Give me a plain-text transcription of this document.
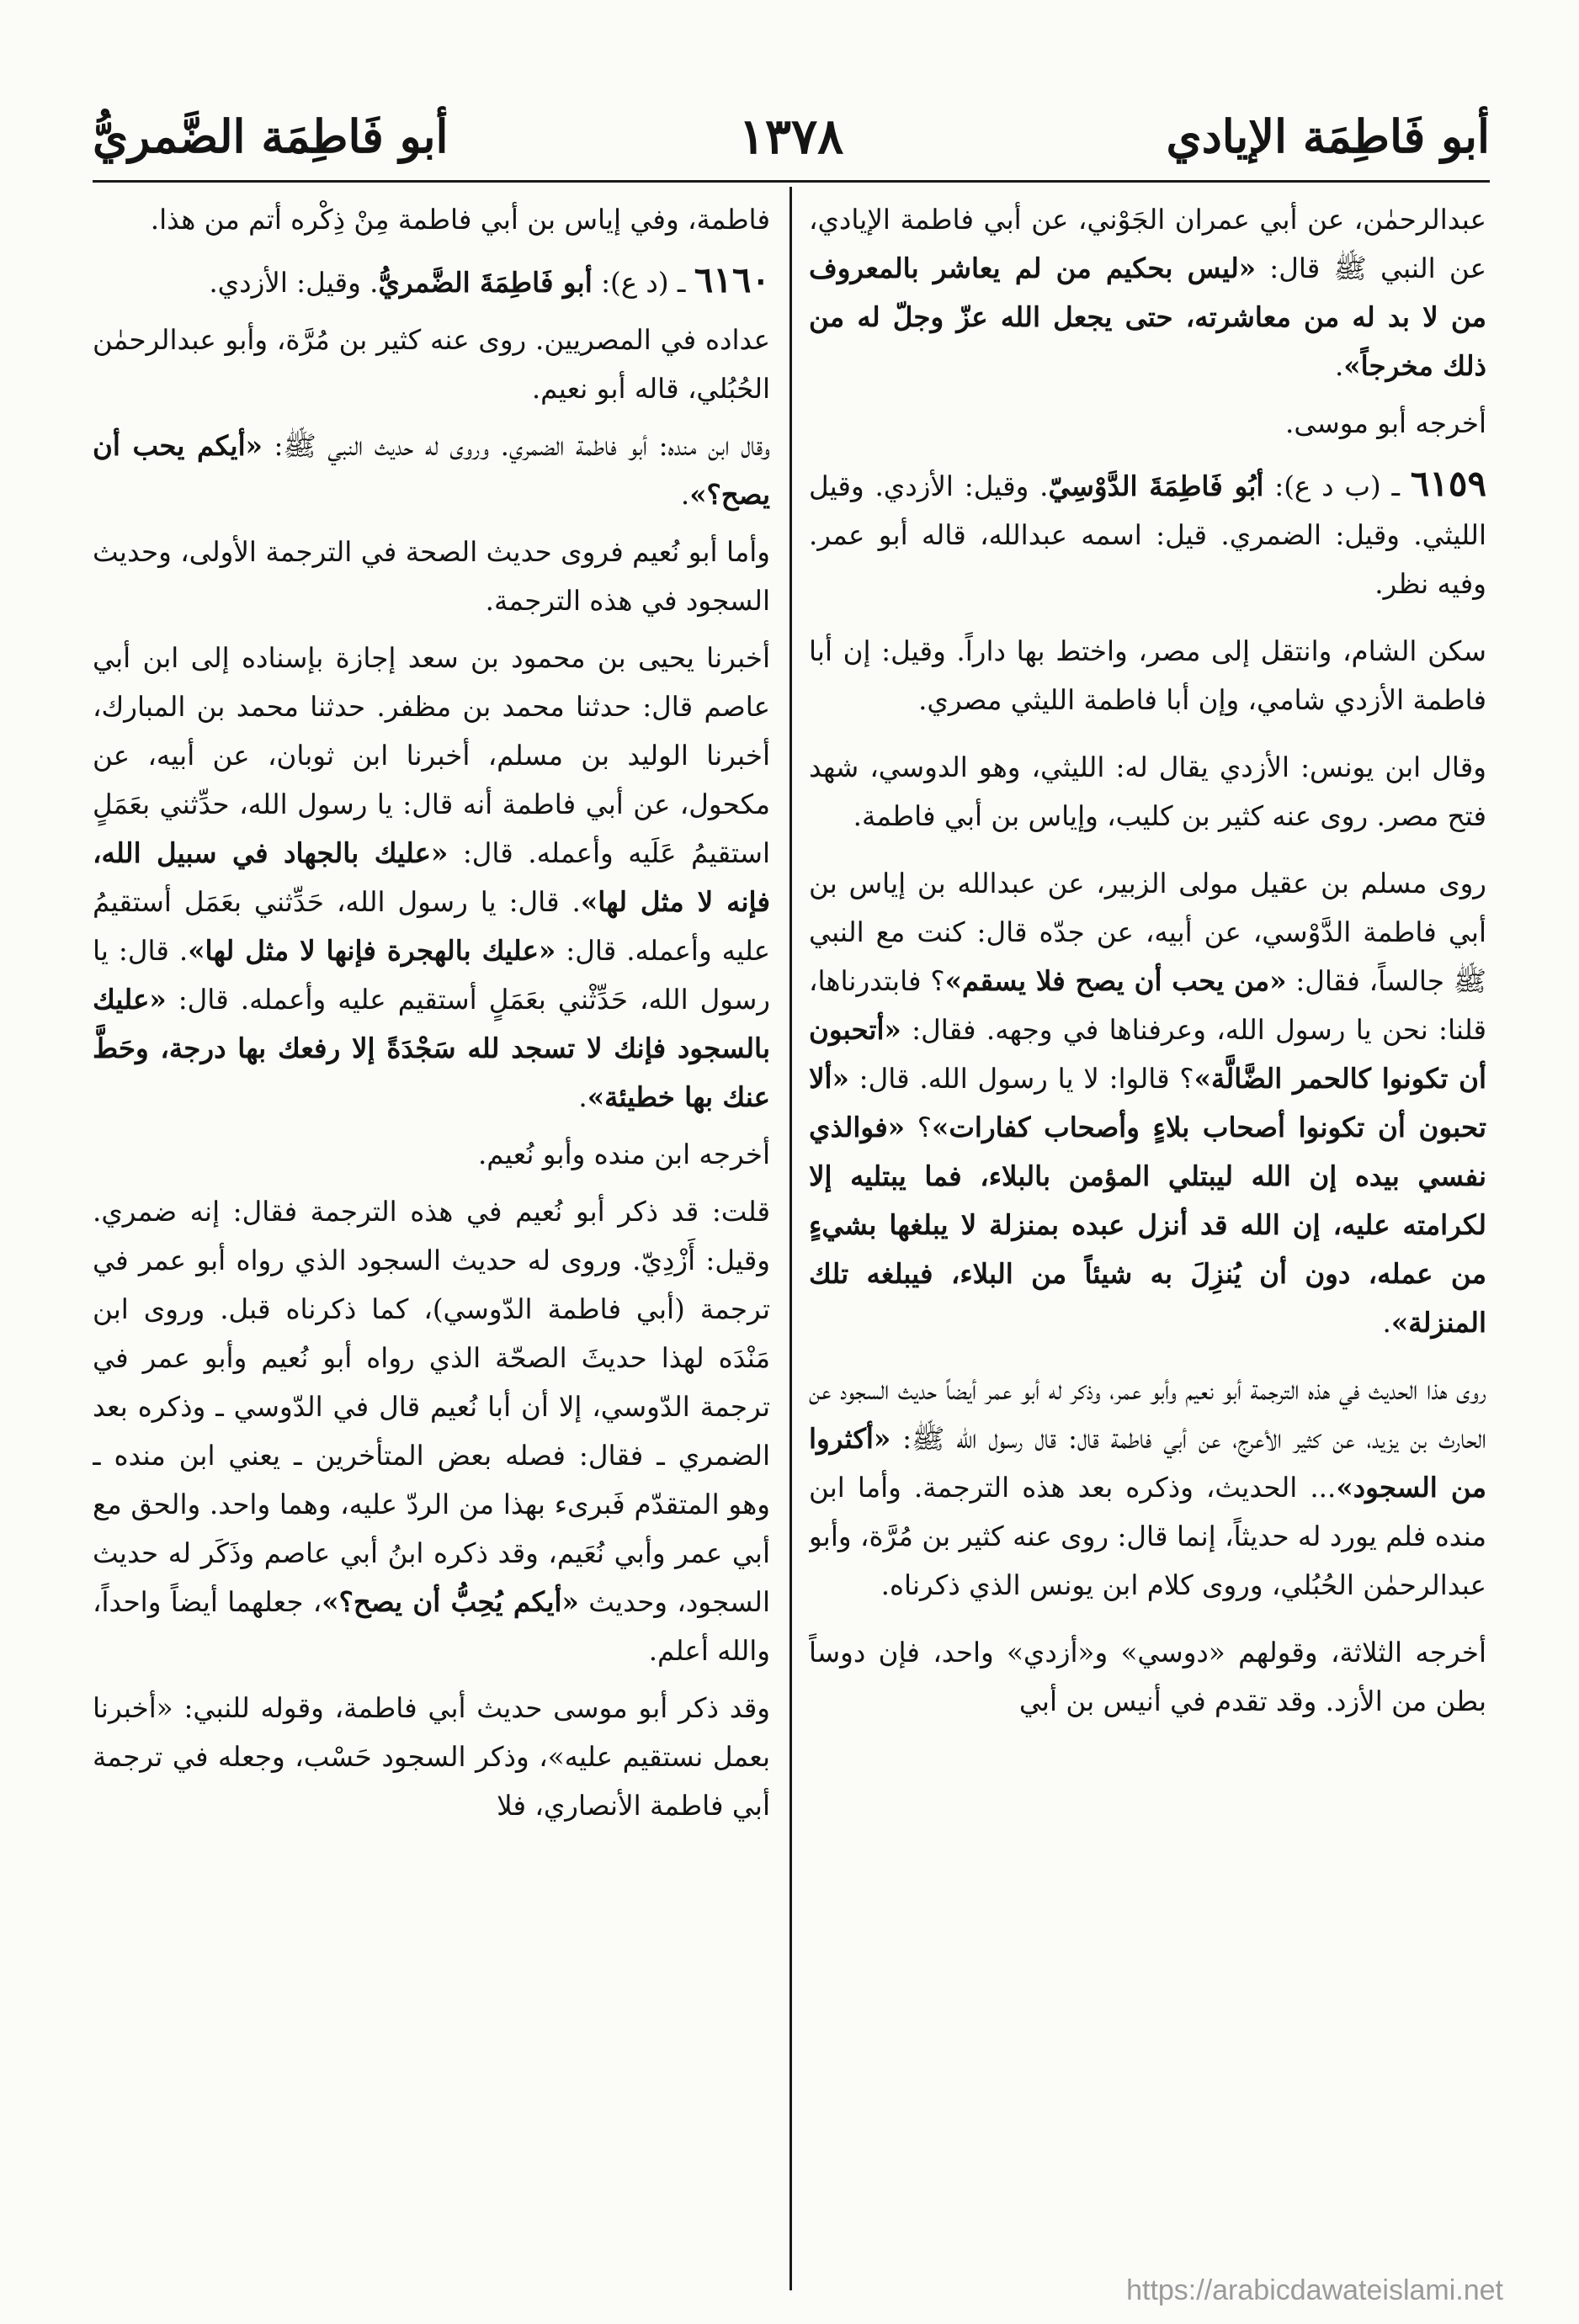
أبو فَاطِمَة الإيادي
١٣٧٨
أبو فَاطِمَة الضَّمريُّ

عبدالرحمٰن، عن أبي عمران الجَوْني، عن أبي فاطمة الإيادي، عن النبي ﷺ قال: «ليس بحكيم من لم يعاشر بالمعروف من لا بد له من معاشرته، حتى يجعل الله عزّ وجلّ له من ذلك مخرجاً».

أخرجه أبو موسى.

٦١٥٩ ـ (ب د ع): أبُو فَاطِمَةَ الدَّوْسِيّ. وقيل: الأزدي. وقيل الليثي. وقيل: الضمري. قيل: اسمه عبدالله، قاله أبو عمر. وفيه نظر.

سكن الشام، وانتقل إلى مصر، واختط بها داراً. وقيل: إن أبا فاطمة الأزدي شامي، وإن أبا فاطمة الليثي مصري.

وقال ابن يونس: الأزدي يقال له: الليثي، وهو الدوسي، شهد فتح مصر. روى عنه كثير بن كليب، وإياس بن أبي فاطمة.

روى مسلم بن عقيل مولى الزبير، عن عبدالله بن إياس بن أبي فاطمة الدَّوْسي، عن أبيه، عن جدّه قال: كنت مع النبي ﷺ جالساً، فقال: «من يحب أن يصح فلا يسقم»؟ فابتدرناها، قلنا: نحن يا رسول الله، وعرفناها في وجهه. فقال: «أتحبون أن تكونوا كالحمر الضَّالَّة»؟ قالوا: لا يا رسول الله. قال: «ألا تحبون أن تكونوا أصحاب بلاءٍ وأصحاب كفارات»؟ «فوالذي نفسي بيده إن الله ليبتلي المؤمن بالبلاء، فما يبتليه إلا لكرامته عليه، إن الله قد أنزل عبده بمنزلة لا يبلغها بشيءٍ من عمله، دون أن يُنزِلَ به شيئاً من البلاء، فيبلغه تلك المنزلة».

روى هذا الحديث في هذه الترجمة أبو نعيم وأبو عمر، وذكر له أبو عمر أيضاً حديث السجود عن الحارث بن يزيد، عن كثير الأعرج، عن أبي فاطمة قال: قال رسول الله ﷺ: «أكثروا من السجود»... الحديث، وذكره بعد هذه الترجمة. وأما ابن منده فلم يورد له حديثاً، إنما قال: روى عنه كثير بن مُرَّة، وأبو عبدالرحمٰن الحُبُلي، وروى كلام ابن يونس الذي ذكرناه.

أخرجه الثلاثة، وقولهم «دوسي» و«أزدي» واحد، فإن دوساً بطن من الأزد. وقد تقدم في أنيس بن أبي

فاطمة، وفي إياس بن أبي فاطمة مِنْ ذِكْره أتم من هذا.

٦١٦٠ ـ (د ع): أبو فَاطِمَةَ الضَّمريُّ. وقيل: الأزدي.

عداده في المصريين. روى عنه كثير بن مُرَّة، وأبو عبدالرحمٰن الحُبُلي، قاله أبو نعيم.

وقال ابن منده: أبو فاطمة الضمري. وروى له حديث النبي ﷺ: «أيكم يحب أن يصح؟».

وأما أبو نُعيم فروى حديث الصحة في الترجمة الأولى، وحديث السجود في هذه الترجمة.

أخبرنا يحيى بن محمود بن سعد إجازة بإسناده إلى ابن أبي عاصم قال: حدثنا محمد بن مظفر. حدثنا محمد بن المبارك، أخبرنا الوليد بن مسلم، أخبرنا ابن ثوبان، عن أبيه، عن مكحول، عن أبي فاطمة أنه قال: يا رسول الله، حدِّثني بعَمَلٍ استقيمُ عَلَيه وأعمله. قال: «عليك بالجهاد في سبيل الله، فإنه لا مثل لها». قال: يا رسول الله، حَدِّثني بعَمَل أستقيمُ عليه وأعمله. قال: «عليك بالهجرة فإنها لا مثل لها». قال: يا رسول الله، حَدِّثْني بعَمَلٍ أستقيم عليه وأعمله. قال: «عليك بالسجود فإنك لا تسجد لله سَجْدَةً إلا رفعك بها درجة، وحَطَّ عنك بها خطيئة».

أخرجه ابن منده وأبو نُعيم.

قلت: قد ذكر أبو نُعيم في هذه الترجمة فقال: إنه ضمري. وقيل: أَزْدِيّ. وروى له حديث السجود الذي رواه أبو عمر في ترجمة (أبي فاطمة الدّوسي)، كما ذكرناه قبل. وروى ابن مَنْدَه لهذا حديثَ الصحّة الذي رواه أبو نُعيم وأبو عمر في ترجمة الدّوسي، إلا أن أبا نُعيم قال في الدّوسي ـ وذكره بعد الضمري ـ فقال: فصله بعض المتأخرين ـ يعني ابن منده ـ وهو المتقدّم فَبرىء بهذا من الردّ عليه، وهما واحد. والحق مع أبي عمر وأبي نُعَيم، وقد ذكره ابنُ أبي عاصم وذَكَر له حديث السجود، وحديث «أيكم يُحِبُّ أن يصح؟»، جعلهما أيضاً واحداً، والله أعلم.

وقد ذكر أبو موسى حديث أبي فاطمة، وقوله للنبي: «أخبرنا بعمل نستقيم عليه»، وذكر السجود حَسْب، وجعله في ترجمة أبي فاطمة الأنصاري، فلا

https://arabicdawateislami.net
